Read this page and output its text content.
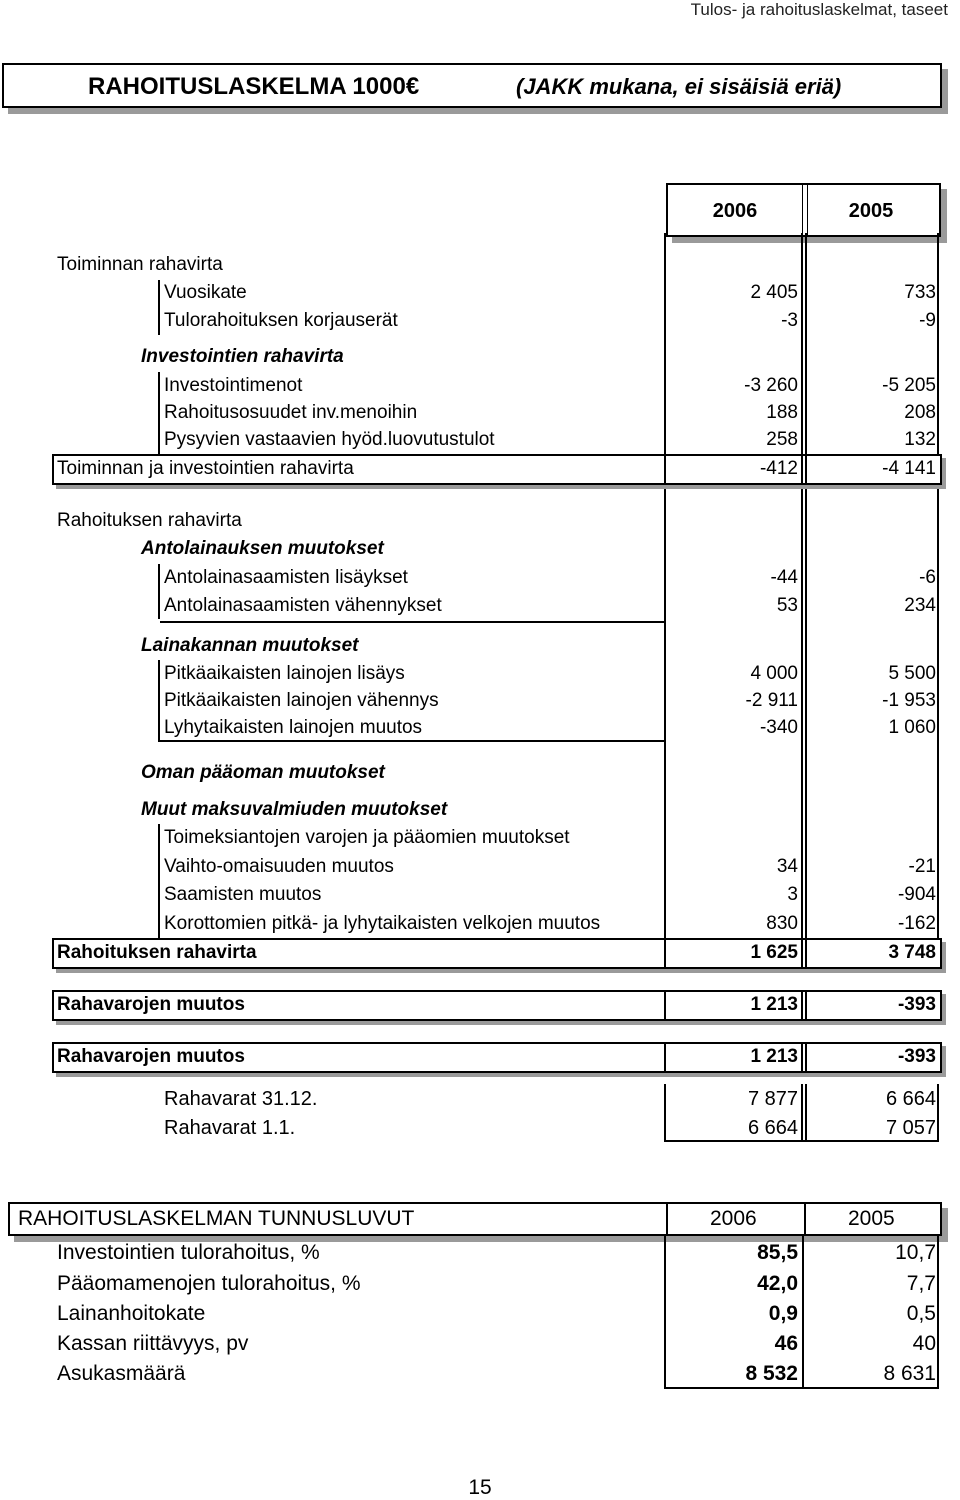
Tulos- ja rahoituslaskelmat, taseet
RAHOITUSLASKELMA 1000€	(JAKK mukana, ei sisäisiä eriä)
2006	2005
Toiminnan rahavirta
Vuosikate	2 405	733
Tulorahoituksen korjauserät	-3	-9
Investointien rahavirta
Investointimenot	-3 260	-5 205
Rahoitusosuudet inv.menoihin	188	208
Pysyvien vastaavien hyöd.luovutustulot	258	132
Toiminnan ja investointien rahavirta	-412	-4 141
Rahoituksen rahavirta
Antolainauksen muutokset
Antolainasaamisten lisäykset	-44	-6
Antolainasaamisten vähennykset	53	234
Lainakannan muutokset
Pitkäaikaisten lainojen lisäys	4 000	5 500
Pitkäaikaisten lainojen vähennys	-2 911	-1 953
Lyhytaikaisten lainojen muutos	-340	1 060
Oman pääoman muutokset
Muut maksuvalmiuden muutokset
Toimeksiantojen varojen ja pääomien muutokset
Vaihto-omaisuuden muutos	34	-21
Saamisten muutos	3	-904
Korottomien pitkä- ja lyhytaikaisten velkojen muutos	830	-162
Rahoituksen rahavirta	1 625	3 748
Rahavarojen muutos	1 213	-393
Rahavarojen muutos	1 213	-393
Rahavarat 31.12.	7 877	6 664
Rahavarat 1.1.	6 664	7 057
RAHOITUSLASKELMAN TUNNUSLUVUT	2006	2005
Investointien tulorahoitus, %	85,5	10,7
Pääomamenojen tulorahoitus, %	42,0	7,7
Lainanhoitokate	0,9	0,5
Kassan riittävyys, pv	46	40
Asukasmäärä	8 532	8 631
15
